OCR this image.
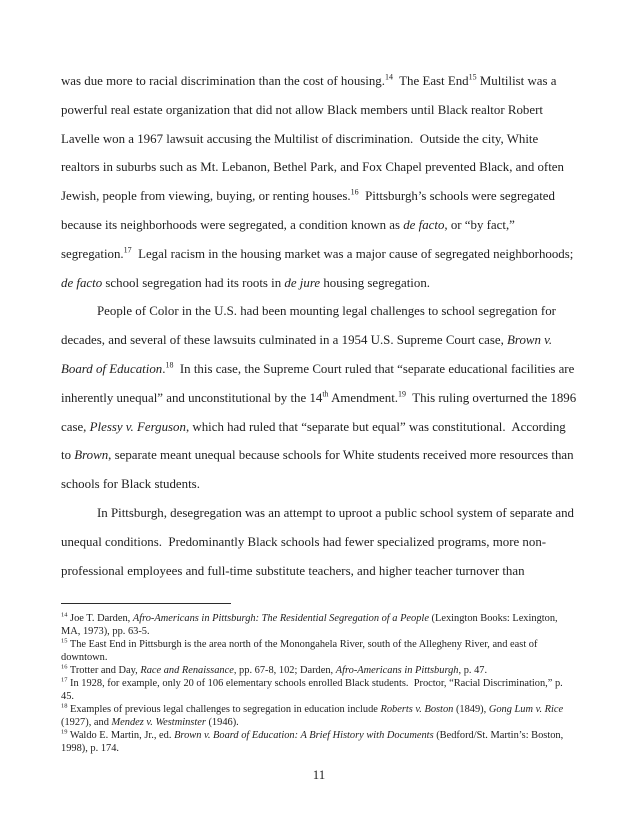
was due more to racial discrimination than the cost of housing.$^{14}$  The East End$^{15}$ Multilist was a powerful real estate organization that did not allow Black members until Black realtor Robert Lavelle won a 1967 lawsuit accusing the Multilist of discrimination.  Outside the city, White realtors in suburbs such as Mt. Lebanon, Bethel Park, and Fox Chapel prevented Black, and often Jewish, people from viewing, buying, or renting houses.$^{16}$  Pittsburgh’s schools were segregated because its neighborhoods were segregated, a condition known as de facto, or “by fact,” segregation.$^{17}$  Legal racism in the housing market was a major cause of segregated neighborhoods; de facto school segregation had its roots in de jure housing segregation.

People of Color in the U.S. had been mounting legal challenges to school segregation for decades, and several of these lawsuits culminated in a 1954 U.S. Supreme Court case, Brown v. Board of Education.$^{18}$  In this case, the Supreme Court ruled that “separate educational facilities are inherently unequal” and unconstitutional by the 14th Amendment.$^{19}$  This ruling overturned the 1896 case, Plessy v. Ferguson, which had ruled that “separate but equal” was constitutional.  According to Brown, separate meant unequal because schools for White students received more resources than schools for Black students.

In Pittsburgh, desegregation was an attempt to uproot a public school system of separate and unequal conditions.  Predominantly Black schools had fewer specialized programs, more non-professional employees and full-time substitute teachers, and higher teacher turnover than

$^{14}$ Joe T. Darden, Afro-Americans in Pittsburgh: The Residential Segregation of a People (Lexington Books: Lexington, MA, 1973), pp. 63-5.

$^{15}$ The East End in Pittsburgh is the area north of the Monongahela River, south of the Allegheny River, and east of downtown.

$^{16}$ Trotter and Day, Race and Renaissance, pp. 67-8, 102; Darden, Afro-Americans in Pittsburgh, p. 47.

$^{17}$ In 1928, for example, only 20 of 106 elementary schools enrolled Black students.  Proctor, “Racial Discrimination,” p. 45.

$^{18}$ Examples of previous legal challenges to segregation in education include Roberts v. Boston (1849), Gong Lum v. Rice (1927), and Mendez v. Westminster (1946).

$^{19}$ Waldo E. Martin, Jr., ed. Brown v. Board of Education: A Brief History with Documents (Bedford/St. Martin’s: Boston, 1998), p. 174.

11
